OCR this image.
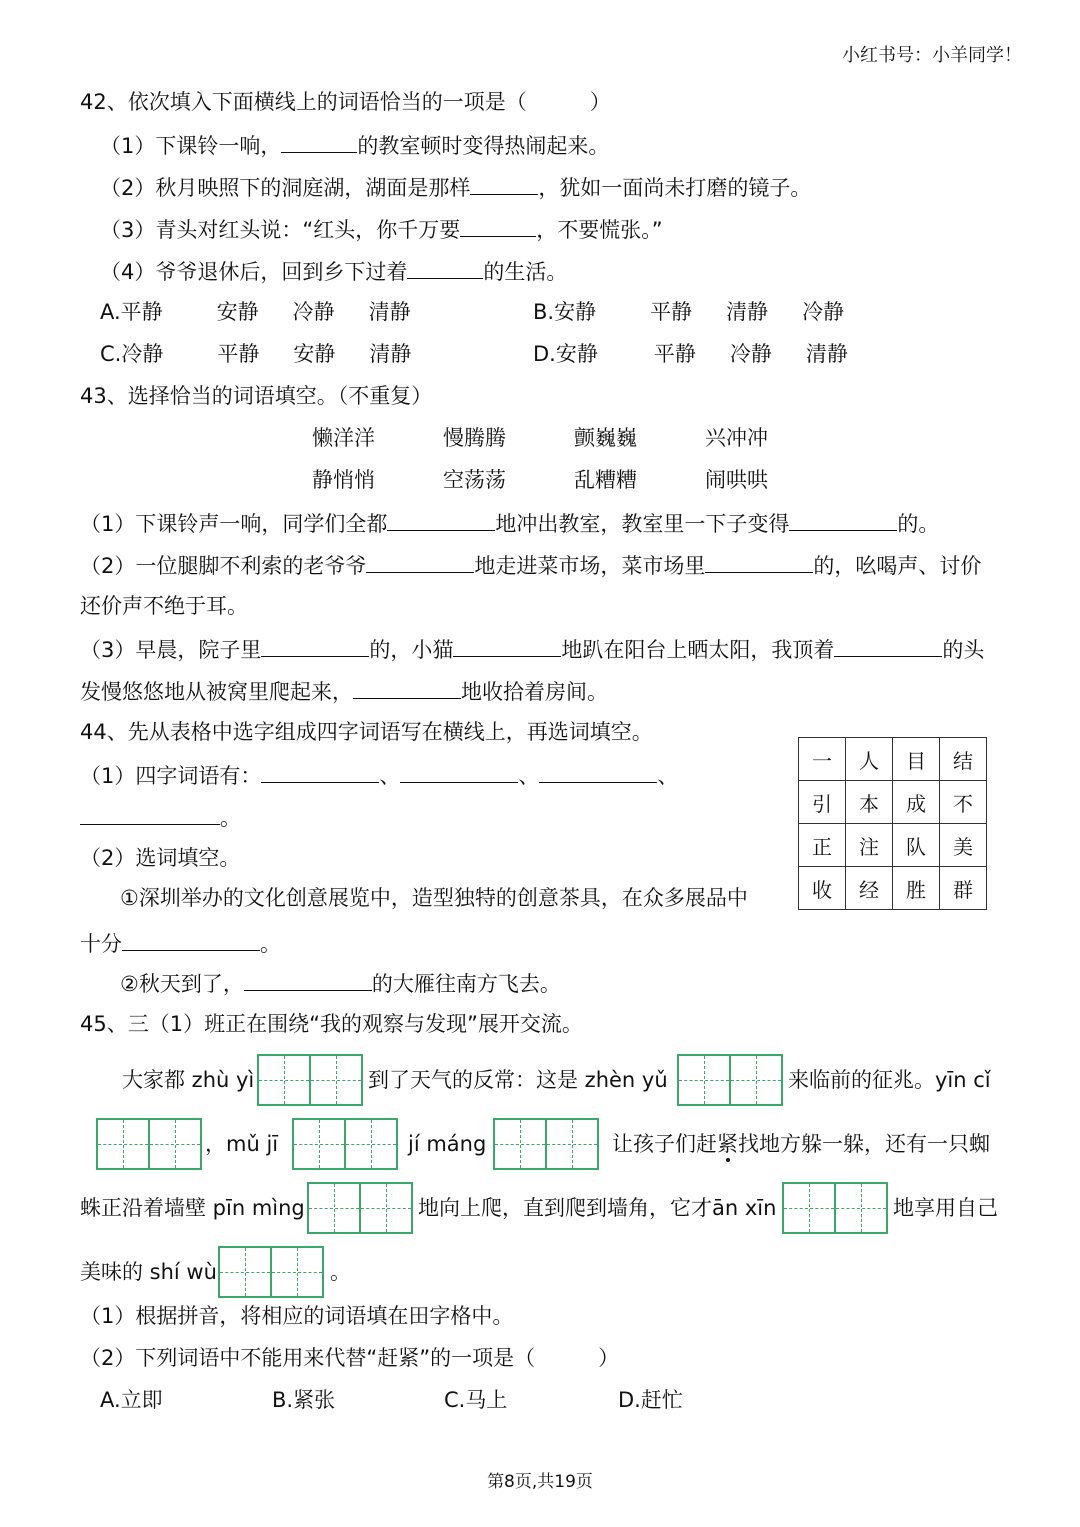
小红书号：小羊同学！
42、依次填入下面横线上的词语恰当的一项是（　　　）
（1）下课铃一响，	的教室顿时变得热闹起来。
（2）秋月映照下的洞庭湖，湖面是那样	，犹如一面尚未打磨的镜子。
（3）青头对红头说：“红头，你千万要	，不要慌张。”
（4）爷爷退休后，回到乡下过着	的生活。
A.平静	安静 冷静 清静	B.安静	平静 清静 冷静
C.冷静	平静 安静 清静	D.安静	平静 冷静 清静
43、选择恰当的词语填空。（不重复）
懒洋洋	慢腾腾	颤巍巍	兴冲冲
静悄悄	空荡荡	乱糟糟	闹哄哄
（1）下课铃声一响，同学们全都	地冲出教室，教室里一下子变得	的。
（2）一位腿脚不利索的老爷爷	地走进菜市场，菜市场里	的，吆喝声、讨价
还价声不绝于耳。
（3）早晨，院子里	的，小猫	地趴在阳台上晒太阳，我顶着	的头
发慢悠悠地从被窝里爬起来，	地收拾着房间。
44、先从表格中选字组成四字词语写在横线上，再选词填空。
（1）四字词语有：	、	、	、
。
（2）选词填空。
①深圳举办的文化创意展览中，造型独特的创意茶具，在众多展品中
十分	。
②秋天到了，	的大雁往南方飞去。
一	人	目	结
引	本	成	不
正	注	队	美
收	经	胜	群
45、三（1）班正在围绕“我的观察与发现”展开交流。
大家都 zhù yì	到了天气的反常：这是 zhèn yǔ	来临前的征兆。yīn cǐ
，mǔ jī	jí máng	让孩子们赶紧找地方躲一躲，还有一只蜘
蛛正沿着墙壁 pīn mìng	地向上爬，直到爬到墙角，它才ān xīn	地享用自己
美味的 shí wù	。
（1）根据拼音，将相应的词语填在田字格中。
（2）下列词语中不能用来代替“赶紧”的一项是（　　　）
A.立即	B.紧张	C.马上	D.赶忙
第8页,共19页
